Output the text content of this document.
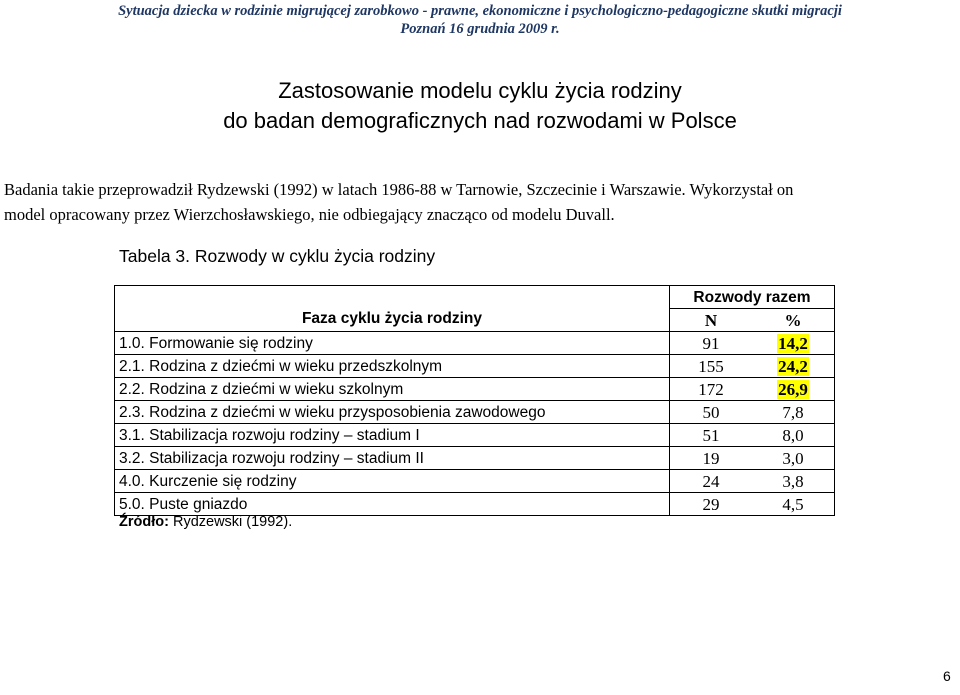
Sytuacja dziecka w rodzinie migrującej zarobkowo - prawne, ekonomiczne i psychologiczno-pedagogiczne skutki migracji
Poznań 16 grudnia 2009 r.
Zastosowanie modelu cyklu życia rodziny
do badan demograficznych nad rozwodami w Polsce
Badania takie przeprowadził Rydzewski (1992) w latach 1986-88 w Tarnowie, Szczecinie i Warszawie. Wykorzystał on
model opracowany przez Wierzchosławskiego, nie odbiegający znacząco od modelu Duvall.
Tabela 3. Rozwody w cyklu życia rodziny
Faza cyklu życia rodziny	Rozwody razem	
	N	%
1.0. Formowanie się rodziny	91	14,2
2.1. Rodzina z dziećmi w wieku przedszkolnym	155	24,2
2.2. Rodzina z dziećmi w wieku szkolnym	172	26,9
2.3. Rodzina z dziećmi w wieku przysposobienia zawodowego	50	7,8
3.1. Stabilizacja rozwoju rodziny – stadium I	51	8,0
3.2. Stabilizacja rozwoju rodziny – stadium II	19	3,0
4.0. Kurczenie się rodziny	24	3,8
5.0. Puste gniazdo	29	4,5
Źródło: Rydzewski (1992).
6
